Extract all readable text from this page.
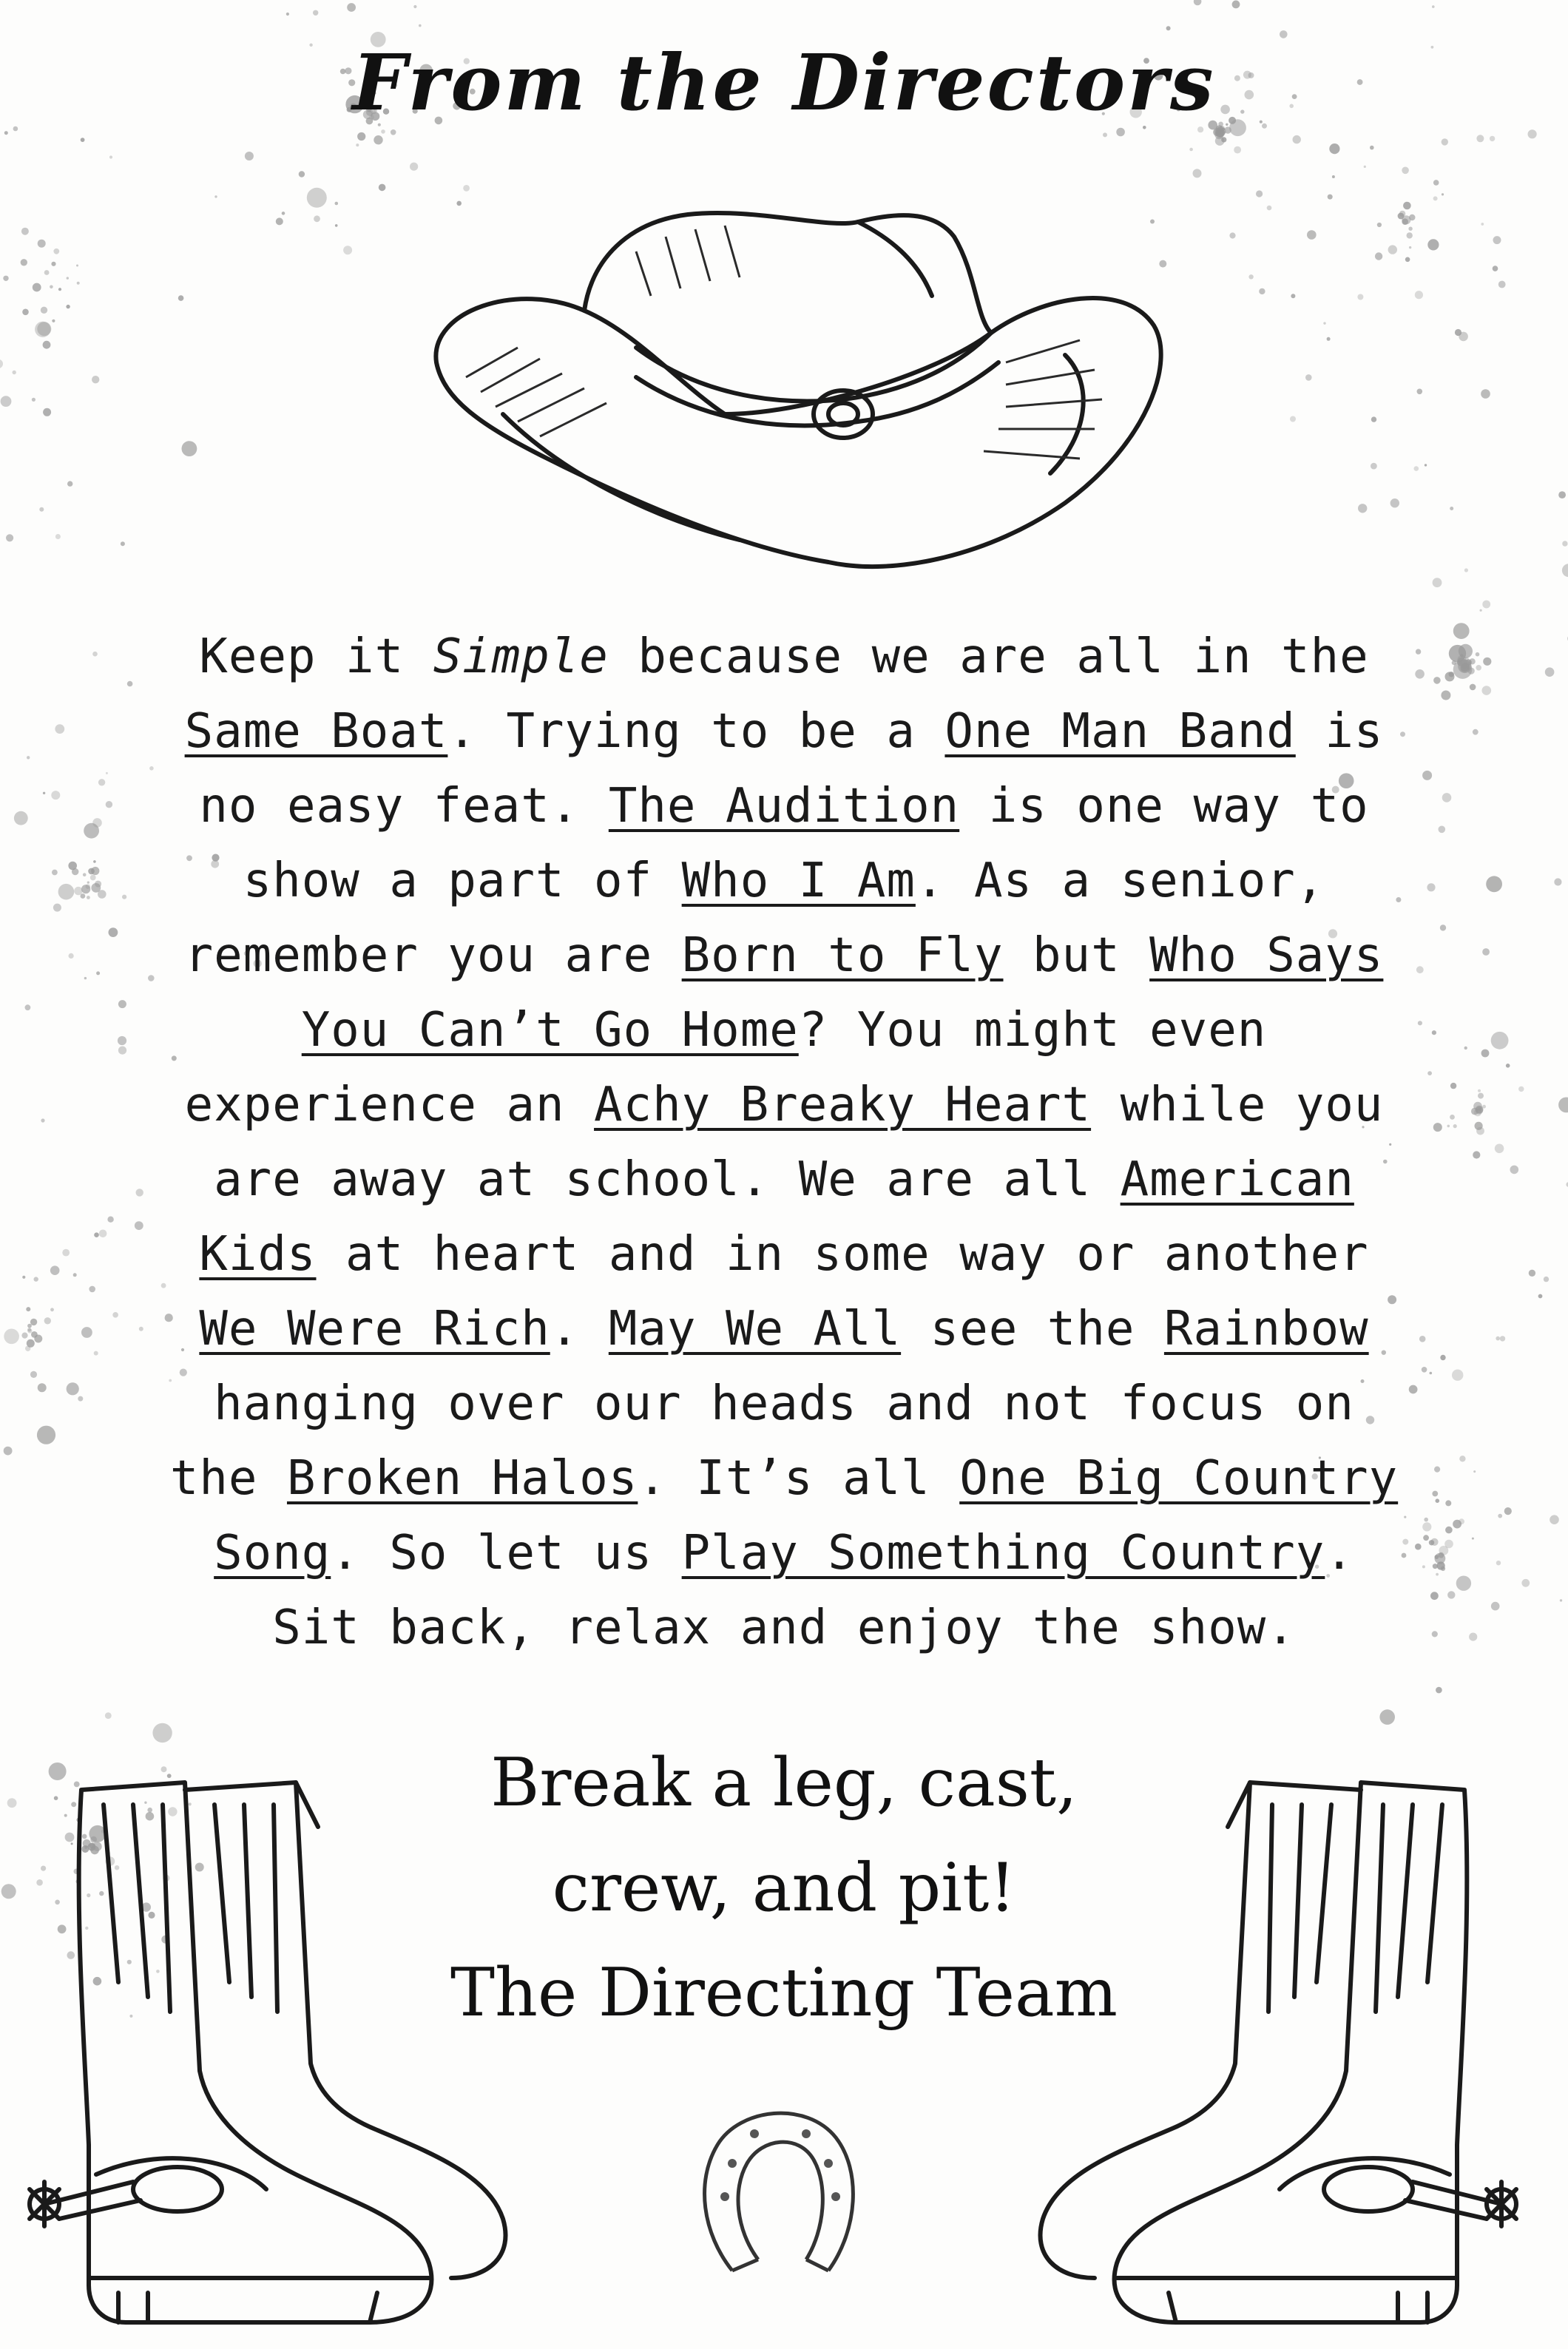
From the Directors
Keep it Simple because we are all in the
Same Boat. Trying to be a One Man Band is
no easy feat. The Audition is one way to
show a part of Who I Am. As a senior,
remember you are Born to Fly but Who Says
You Can’t Go Home? You might even
experience an Achy Breaky Heart while you
are away at school. We are all American
Kids at heart and in some way or another
We Were Rich. May We All see the Rainbow
hanging over our heads and not focus on
the Broken Halos. It’s all One Big Country
Song. So let us Play Something Country.
Sit back, relax and enjoy the show.
Break a leg, cast,
crew, and pit!
The Directing Team
